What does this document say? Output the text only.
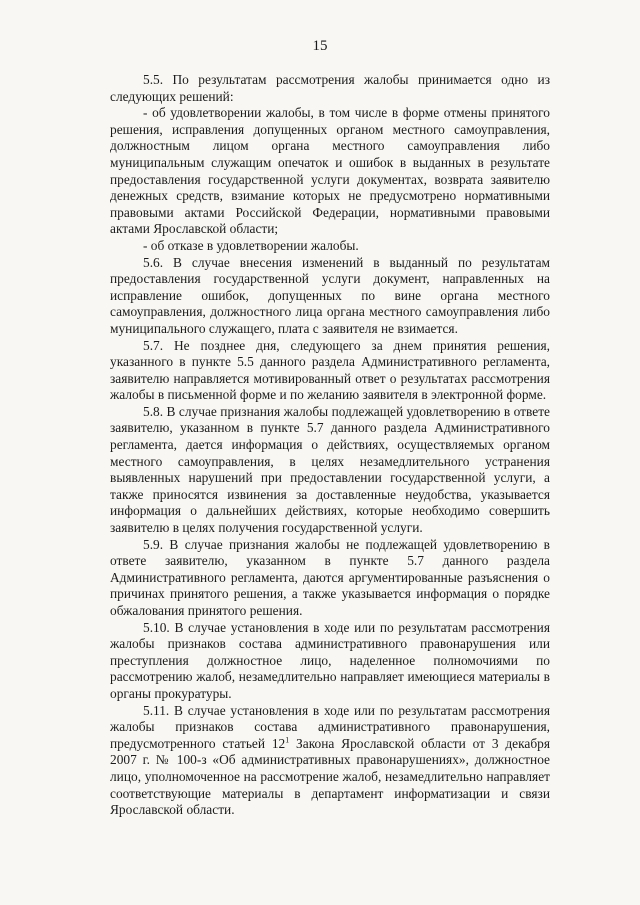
15

5.5. По результатам рассмотрения жалобы принимается одно из следующих решений:

- об удовлетворении жалобы, в том числе в форме отмены принятого решения, исправления допущенных органом местного самоуправления, должностным лицом органа местного самоуправления либо муниципальным служащим опечаток и ошибок в выданных в результате предоставления государственной услуги документах, возврата заявителю денежных средств, взимание которых не предусмотрено нормативными правовыми актами Российской Федерации, нормативными правовыми актами Ярославской области;

- об отказе в удовлетворении жалобы.

5.6. В случае внесения изменений в выданный по результатам предоставления государственной услуги документ, направленных на исправление ошибок, допущенных по вине органа местного самоуправления, должностного лица органа местного самоуправления либо муниципального служащего, плата с заявителя не взимается.

5.7. Не позднее дня, следующего за днем принятия решения, указанного в пункте 5.5 данного раздела Административного регламента, заявителю направляется мотивированный ответ о результатах рассмотрения жалобы в письменной форме и по желанию заявителя в электронной форме.

5.8. В случае признания жалобы подлежащей удовлетворению в ответе заявителю, указанном в пункте 5.7 данного раздела Административного регламента, дается информация о действиях, осуществляемых органом местного самоуправления, в целях незамедлительного устранения выявленных нарушений при предоставлении государственной услуги, а также приносятся извинения за доставленные неудобства, указывается информация о дальнейших действиях, которые необходимо совершить заявителю в целях получения государственной услуги.

5.9. В случае признания жалобы не подлежащей удовлетворению в ответе заявителю, указанном в пункте 5.7 данного раздела Административного регламента, даются аргументированные разъяснения о причинах принятого решения, а также указывается информация о порядке обжалования принятого решения.

5.10. В случае установления в ходе или по результатам рассмотрения жалобы признаков состава административного правонарушения или преступления должностное лицо, наделенное полномочиями по рассмотрению жалоб, незамедлительно направляет имеющиеся материалы в органы прокуратуры.

5.11. В случае установления в ходе или по результатам рассмотрения жалобы признаков состава административного правонарушения, предусмотренного статьей $12^1$ Закона Ярославской области от 3 декабря 2007 г. № 100-з «Об административных правонарушениях», должностное лицо, уполномоченное на рассмотрение жалоб, незамедлительно направляет соответствующие материалы в департамент информатизации и связи Ярославской области.
